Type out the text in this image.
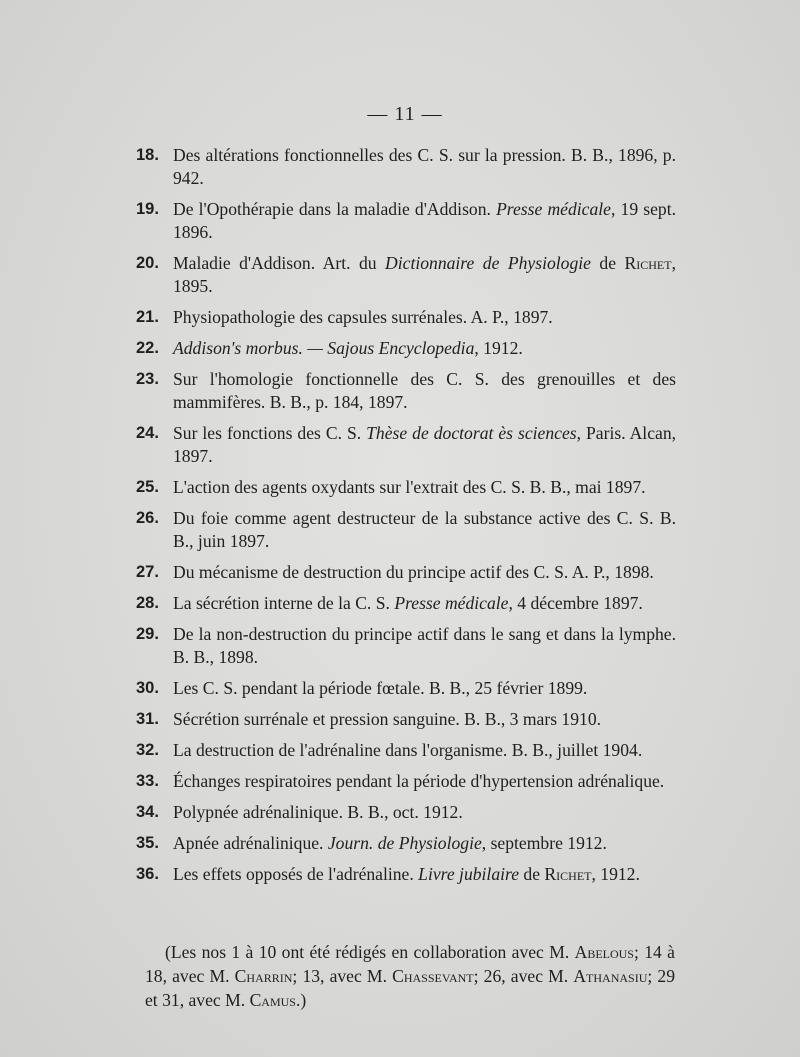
— 11 —
18. Des altérations fonctionnelles des C. S. sur la pression. B. B., 1896, p. 942.
19. De l'Opothérapie dans la maladie d'Addison. Presse médicale, 19 sept. 1896.
20. Maladie d'Addison. Art. du Dictionnaire de Physiologie de Richet, 1895.
21. Physiopathologie des capsules surrénales. A. P., 1897.
22. Addison's morbus. — Sajous Encyclopedia, 1912.
23. Sur l'homologie fonctionnelle des C. S. des grenouilles et des mammifères. B. B., p. 184, 1897.
24. Sur les fonctions des C. S. Thèse de doctorat ès sciences, Paris. Alcan, 1897.
25. L'action des agents oxydants sur l'extrait des C. S. B. B., mai 1897.
26. Du foie comme agent destructeur de la substance active des C. S. B. B., juin 1897.
27. Du mécanisme de destruction du principe actif des C. S. A. P., 1898.
28. La sécrétion interne de la C. S. Presse médicale, 4 décembre 1897.
29. De la non-destruction du principe actif dans le sang et dans la lymphe. B. B., 1898.
30. Les C. S. pendant la période fœtale. B. B., 25 février 1899.
31. Sécrétion surrénale et pression sanguine. B. B., 3 mars 1910.
32. La destruction de l'adrénaline dans l'organisme. B. B., juillet 1904.
33. Échanges respiratoires pendant la période d'hypertension adrénalique.
34. Polypnée adrénalinique. B. B., oct. 1912.
35. Apnée adrénalinique. Journ. de Physiologie, septembre 1912.
36. Les effets opposés de l'adrénaline. Livre jubilaire de Richet, 1912.
(Les nos 1 à 10 ont été rédigés en collaboration avec M. Abelous; 14 à 18, avec M. Charrin; 13, avec M. Chassevant; 26, avec M. Athanasiu; 29 et 31, avec M. Camus.)
